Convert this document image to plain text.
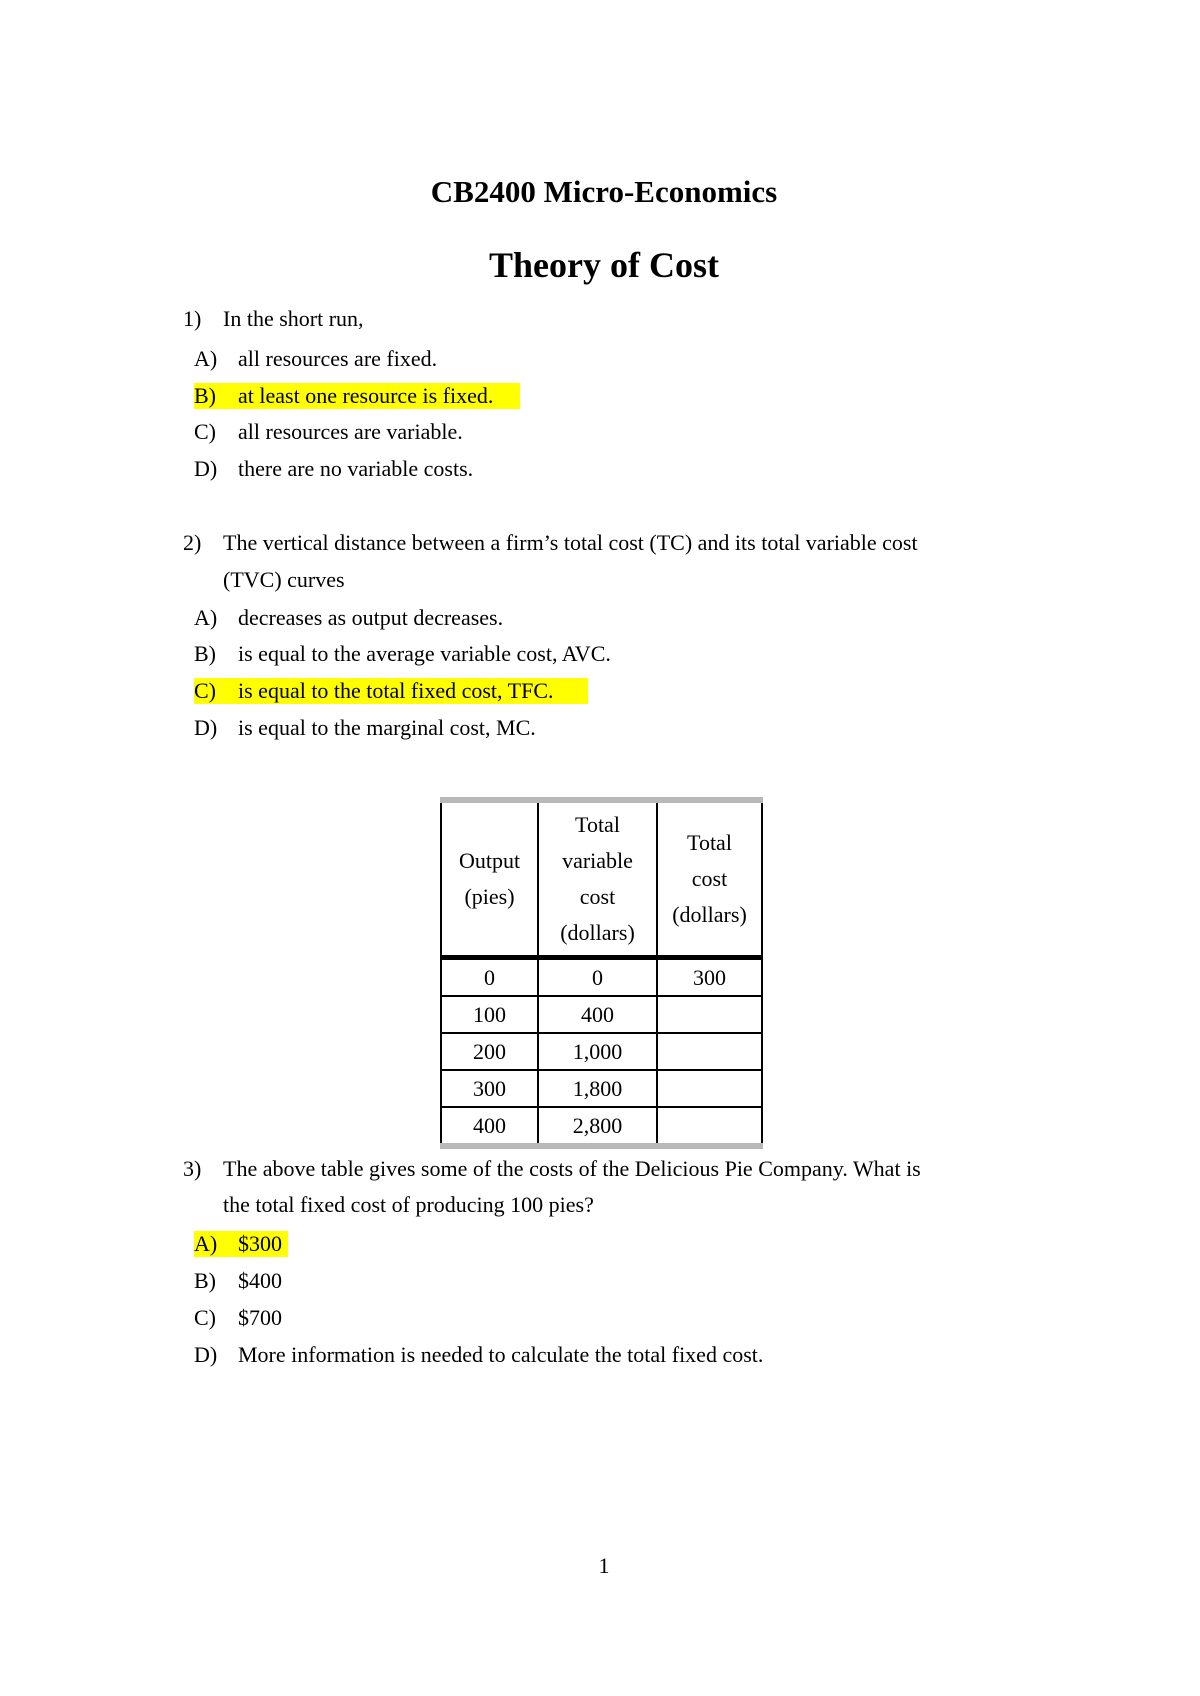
CB2400 Micro-Economics
Theory of Cost
1) In the short run,
A) all resources are fixed.
B) at least one resource is fixed.
C) all resources are variable.
D) there are no variable costs.
2) The vertical distance between a firm’s total cost (TC) and its total variable cost
(TVC) curves
A) decreases as output decreases.
B) is equal to the average variable cost, AVC.
C) is equal to the total fixed cost, TFC.
D) is equal to the marginal cost, MC.
Output
(pies)	Total
variable
cost
(dollars)	Total
cost
(dollars)
0	0	300
100	400	
200	1,000	
300	1,800	
400	2,800	
3) The above table gives some of the costs of the Delicious Pie Company. What is
the total fixed cost of producing 100 pies?
A) $300
B) $400
C) $700
D) More information is needed to calculate the total fixed cost.
1
